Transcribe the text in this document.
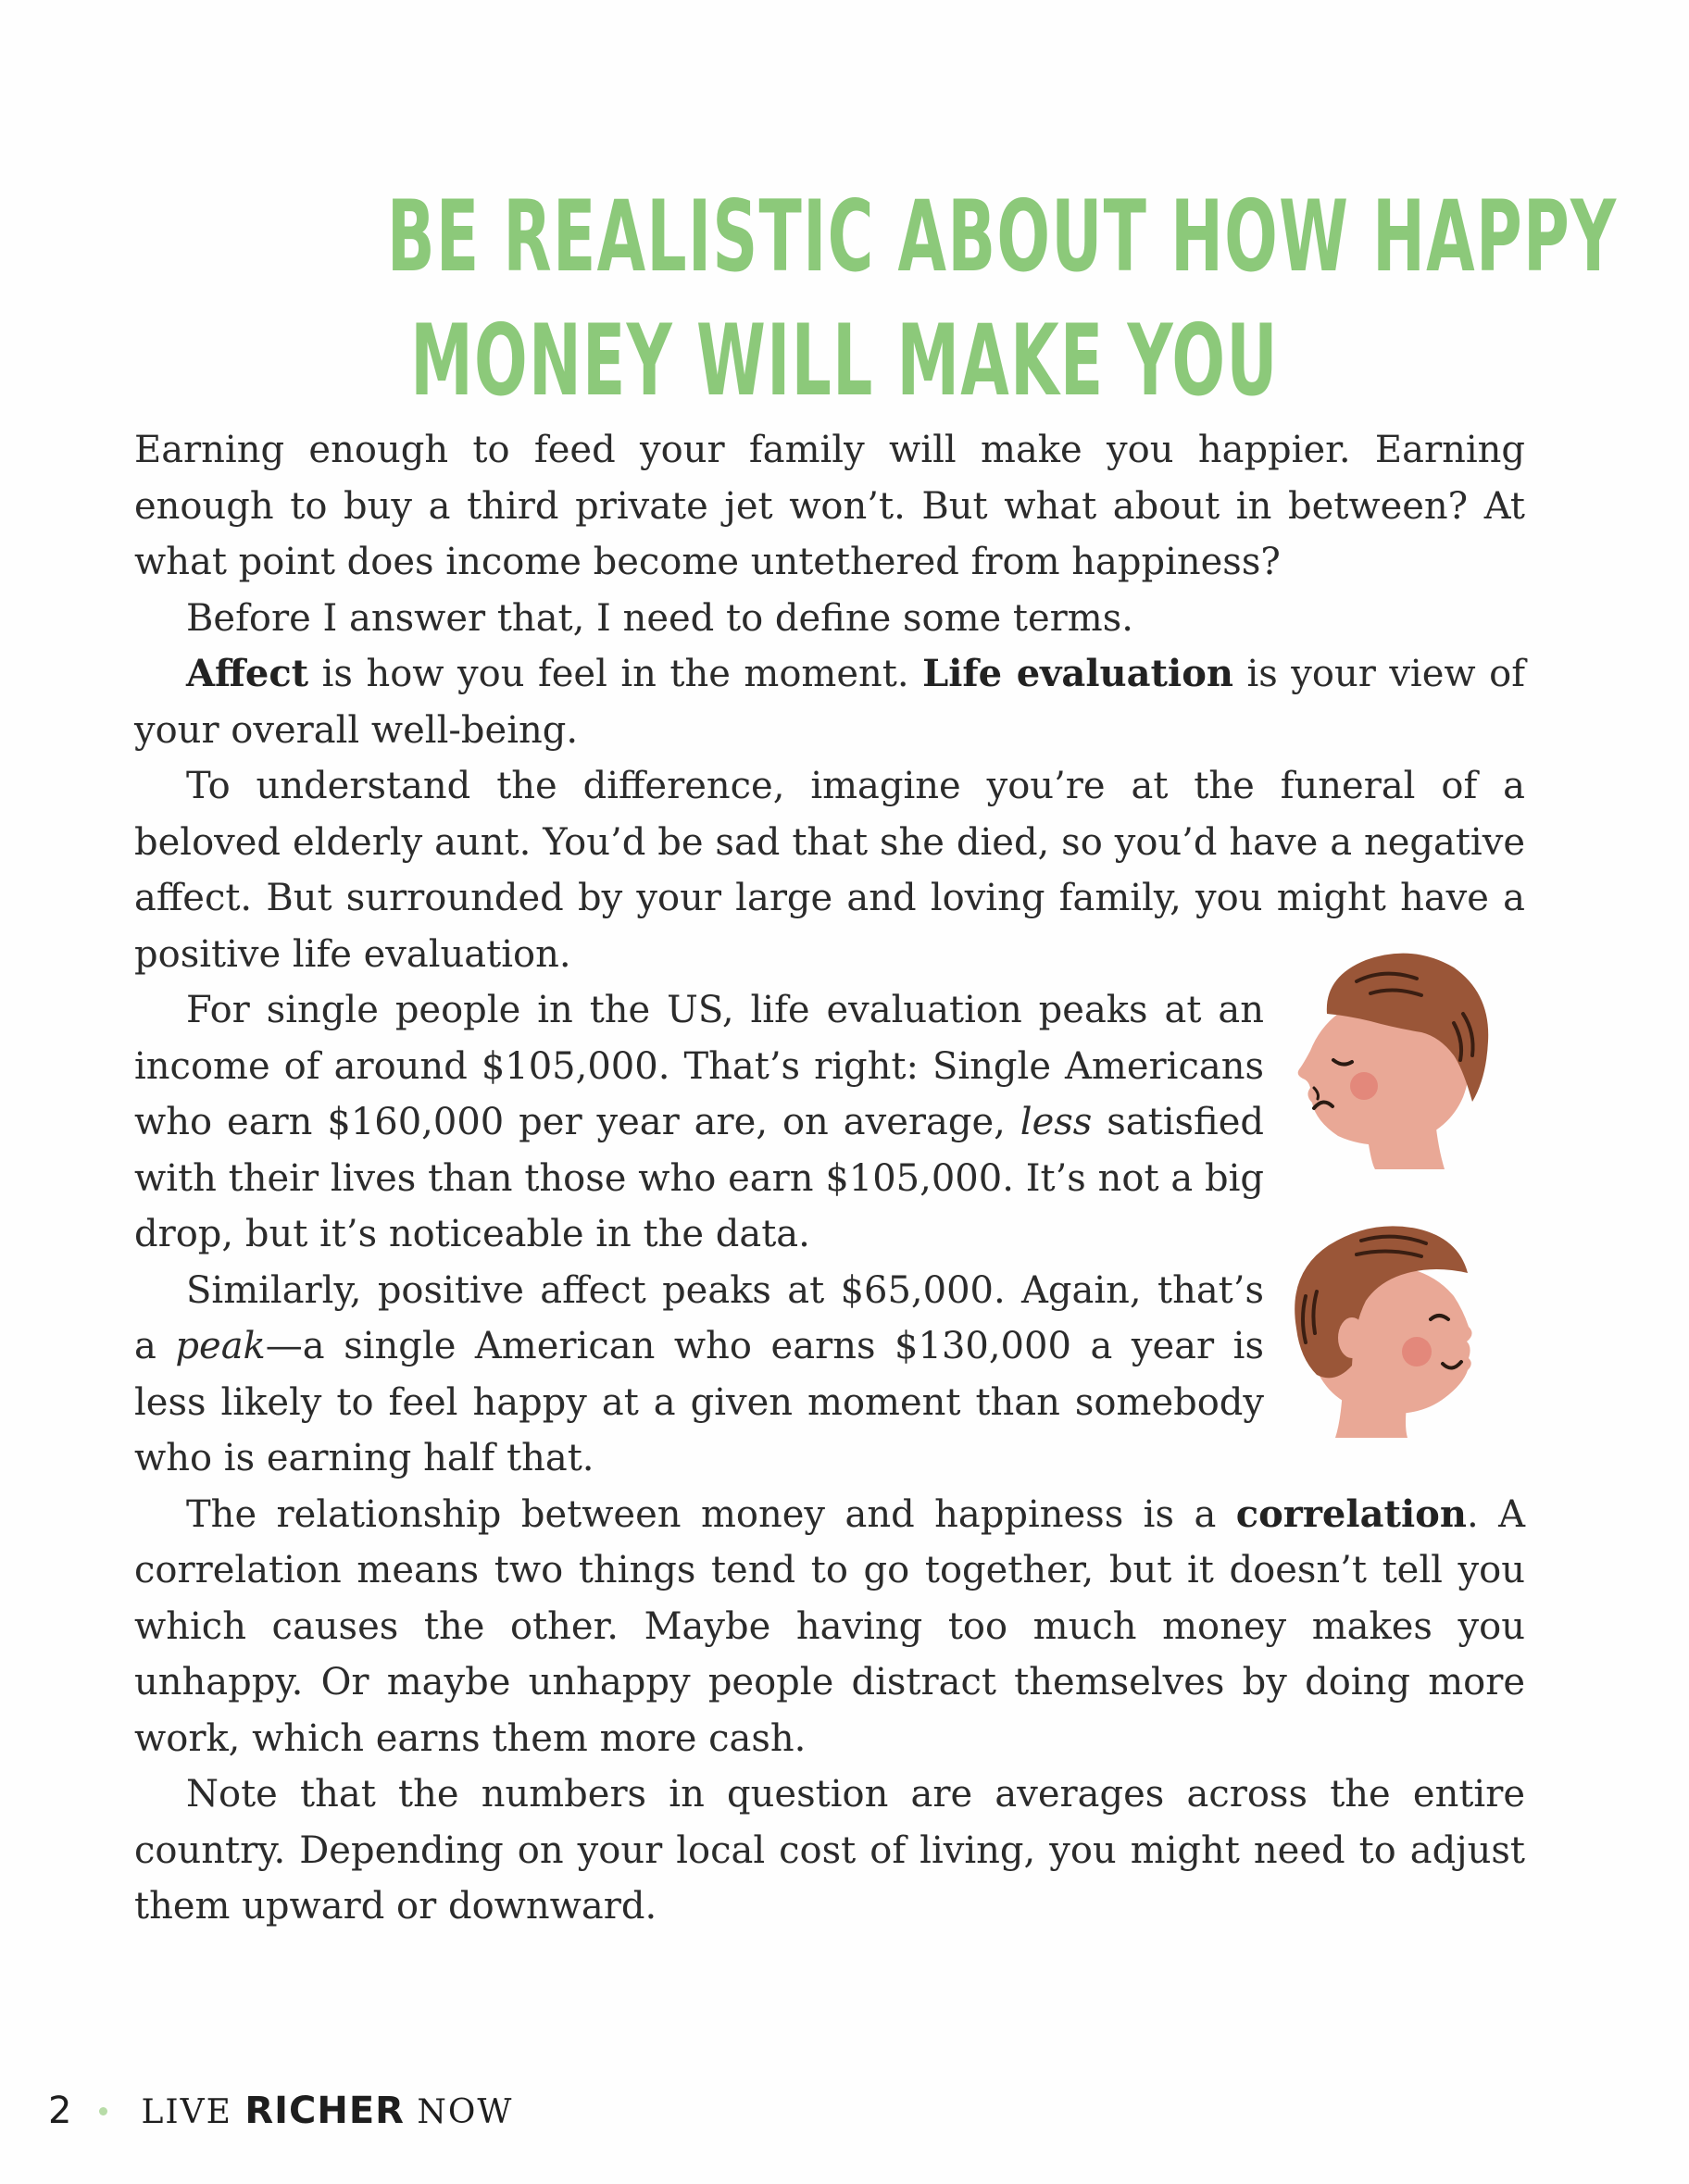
BE REALISTIC ABOUT HOW HAPPY
MONEY WILL MAKE YOU

Earning enough to feed your family will make you happier. Earning enough to buy a third private jet won’t. But what about in between? At what point does income become untethered from happiness?

Before I answer that, I need to define some terms.

Affect is how you feel in the moment. Life evaluation is your view of your overall well-being.

To understand the difference, imagine you’re at the funeral of a beloved elderly aunt. You’d be sad that she died, so you’d have a negative affect. But surrounded by your large and loving family, you might have a positive life evaluation.

For single people in the US, life evaluation peaks at an income of around $105,000. That’s right: Single Americans who earn $160,000 per year are, on average, less satisfied with their lives than those who earn $105,000. It’s not a big drop, but it’s noticeable in the data.

Similarly, positive affect peaks at $65,000. Again, that’s a peak—a single American who earns $130,000 a year is less likely to feel happy at a given moment than somebody who is earning half that.

The relationship between money and happiness is a correlation. A correlation means two things tend to go together, but it doesn’t tell you which causes the other. Maybe having too much money makes you unhappy. Or maybe unhappy people distract themselves by doing more work, which earns them more cash.

Note that the numbers in question are averages across the entire country. Depending on your local cost of living, you might need to adjust them upward or downward.

2 LIVE RICHER NOW
